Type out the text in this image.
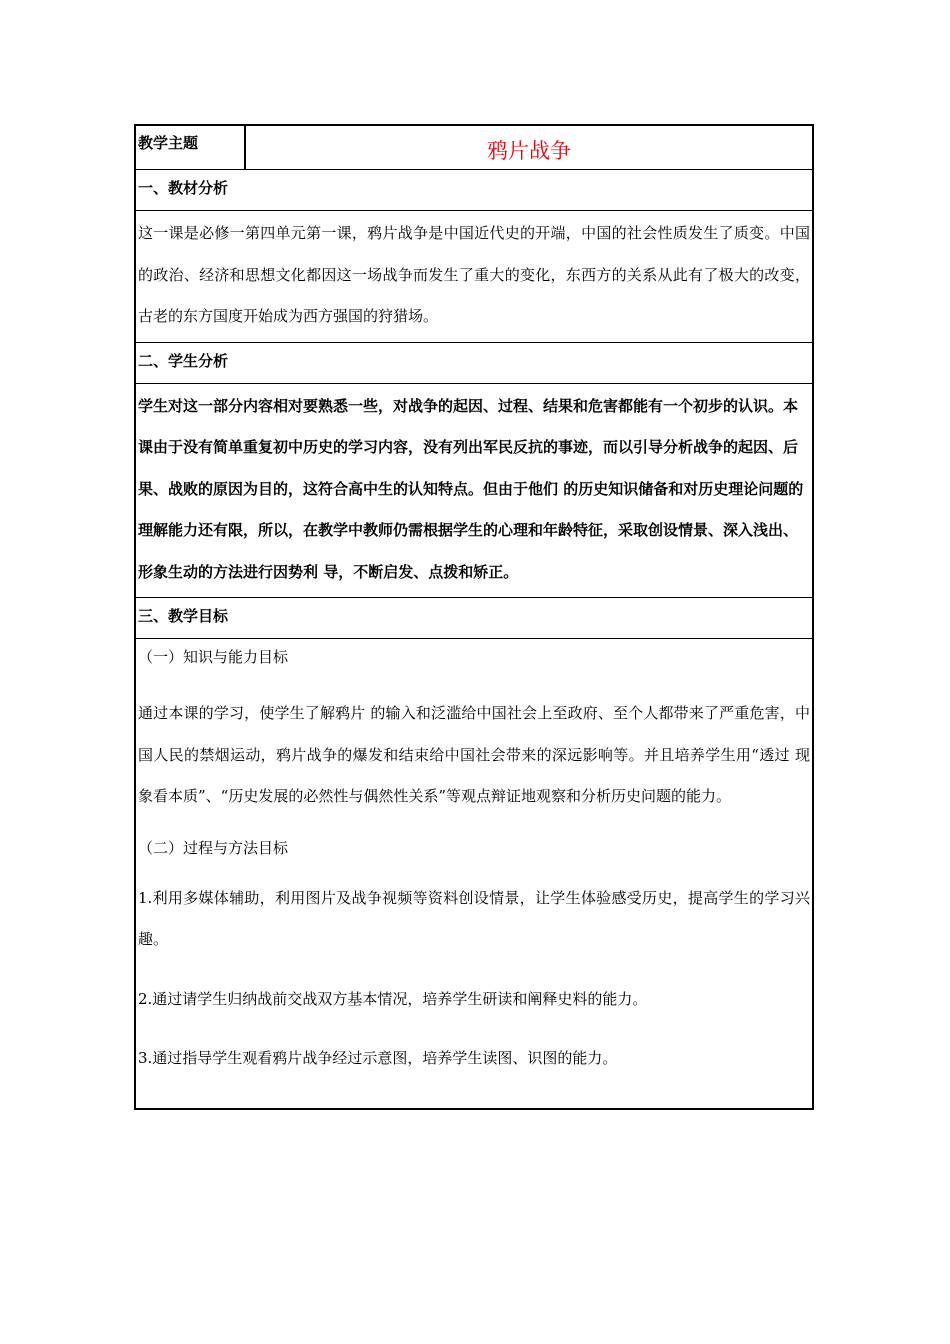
教学主题	鸦片战争
一、教材分析
这一课是必修一第四单元第一课，鸦片战争是中国近代史的开端，中国的社会性质发生了质变。中国的政治、经济和思想文化都因这一场战争而发生了重大的变化，东西方的关系从此有了极大的改变，古老的东方国度开始成为西方强国的狩猎场。
二、学生分析
学生对这一部分内容相对要熟悉一些，对战争的起因、过程、结果和危害都能有一个初步的认识。本 课由于没有简单重复初中历史的学习内容，没有列出军民反抗的事迹，而以引导分析战争的起因、后果、战败的原因为目的，这符合高中生的认知特点。但由于他们 的历史知识储备和对历史理论问题的理解能力还有限，所以，在教学中教师仍需根据学生的心理和年龄特征，采取创设情景、深入浅出、形象生动的方法进行因势利 导，不断启发、点拨和矫正。
三、教学目标

（一）知识与能力目标

通过本课的学习，使学生了解鸦片 的输入和泛滥给中国社会上至政府、至个人都带来了严重危害，中国人民的禁烟运动，鸦片战争的爆发和结束给中国社会带来的深远影响等。并且培养学生用“透过 现象看本质”、“历史发展的必然性与偶然性关系”等观点辩证地观察和分析历史问题的能力。

（二）过程与方法目标

1.利用多媒体辅助，利用图片及战争视频等资料创设情景，让学生体验感受历史，提高学生的学习兴趣。
2.通过请学生归纳战前交战双方基本情况，培养学生研读和阐释史料的能力。
3.通过指导学生观看鸦片战争经过示意图，培养学生读图、识图的能力。
